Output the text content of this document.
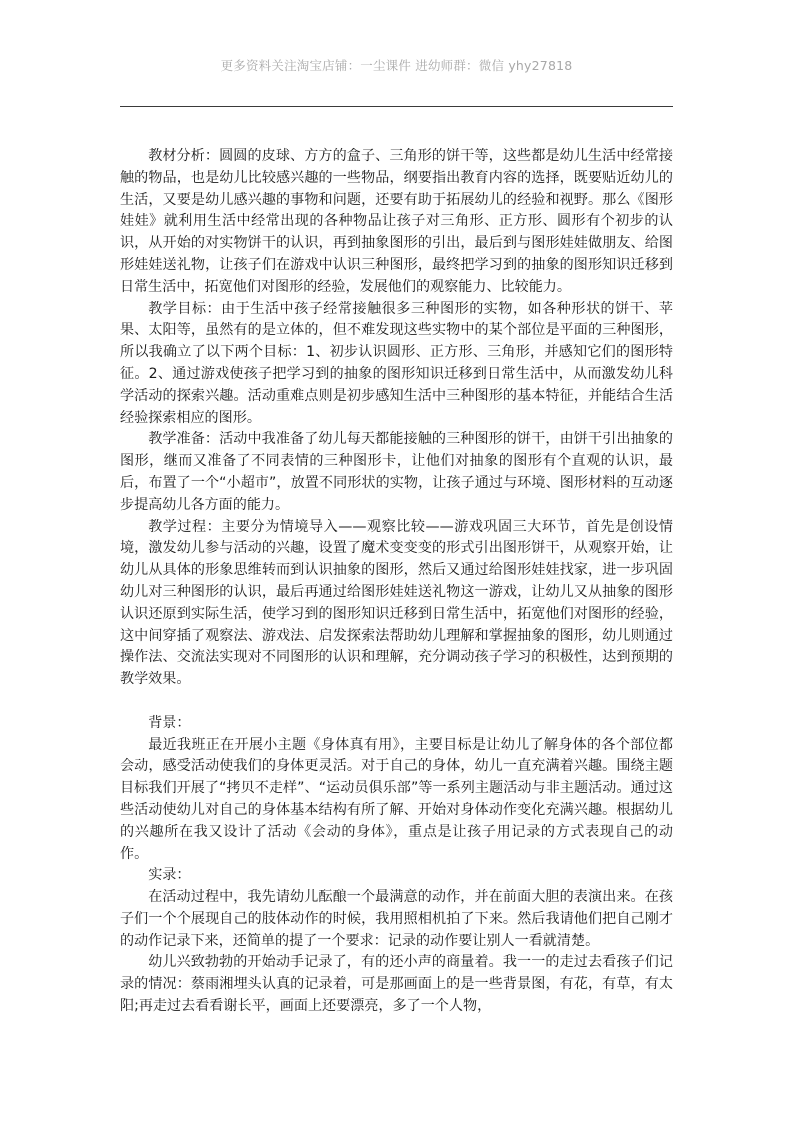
更多资料关注淘宝店铺：一尘课件 进幼师群：微信 yhy27818

教材分析：圆圆的皮球、方方的盒子、三角形的饼干等，这些都是幼儿生活中经常接触的物品，也是幼儿比较感兴趣的一些物品，纲要指出教育内容的选择，既要贴近幼儿的生活，又要是幼儿感兴趣的事物和问题，还要有助于拓展幼儿的经验和视野。那么《图形娃娃》就利用生活中经常出现的各种物品让孩子对三角形、正方形、圆形有个初步的认识，从开始的对实物饼干的认识，再到抽象图形的引出，最后到与图形娃娃做朋友、给图形娃娃送礼物，让孩子们在游戏中认识三种图形，最终把学习到的抽象的图形知识迁移到日常生活中，拓宽他们对图形的经验，发展他们的观察能力、比较能力。

教学目标：由于生活中孩子经常接触很多三种图形的实物，如各种形状的饼干、苹果、太阳等，虽然有的是立体的，但不难发现这些实物中的某个部位是平面的三种图形，所以我确立了以下两个目标：1、初步认识圆形、正方形、三角形，并感知它们的图形特征。2、通过游戏使孩子把学习到的抽象的图形知识迁移到日常生活中，从而激发幼儿科学活动的探索兴趣。活动重难点则是初步感知生活中三种图形的基本特征，并能结合生活经验探索相应的图形。

教学准备：活动中我准备了幼儿每天都能接触的三种图形的饼干，由饼干引出抽象的图形，继而又准备了不同表情的三种图形卡，让他们对抽象的图形有个直观的认识，最后，布置了一个“小超市”，放置不同形状的实物，让孩子通过与环境、图形材料的互动逐步提高幼儿各方面的能力。

教学过程：主要分为情境导入——观察比较——游戏巩固三大环节，首先是创设情境，激发幼儿参与活动的兴趣，设置了魔术变变变的形式引出图形饼干，从观察开始，让幼儿从具体的形象思维转而到认识抽象的图形，然后又通过给图形娃娃找家，进一步巩固幼儿对三种图形的认识，最后再通过给图形娃娃送礼物这一游戏，让幼儿又从抽象的图形认识还原到实际生活，使学习到的图形知识迁移到日常生活中，拓宽他们对图形的经验，这中间穿插了观察法、游戏法、启发探索法帮助幼儿理解和掌握抽象的图形，幼儿则通过操作法、交流法实现对不同图形的认识和理解，充分调动孩子学习的积极性，达到预期的教学效果。

背景：

最近我班正在开展小主题《身体真有用》，主要目标是让幼儿了解身体的各个部位都会动，感受活动使我们的身体更灵活。对于自己的身体，幼儿一直充满着兴趣。围绕主题目标我们开展了“拷贝不走样”、“运动员俱乐部”等一系列主题活动与非主题活动。通过这些活动使幼儿对自己的身体基本结构有所了解、开始对身体动作变化充满兴趣。根据幼儿的兴趣所在我又设计了活动《会动的身体》，重点是让孩子用记录的方式表现自己的动作。

实录：

在活动过程中，我先请幼儿酝酿一个最满意的动作，并在前面大胆的表演出来。在孩子们一个个展现自己的肢体动作的时候，我用照相机拍了下来。然后我请他们把自己刚才的动作记录下来，还简单的提了一个要求：记录的动作要让别人一看就清楚。

幼儿兴致勃勃的开始动手记录了，有的还小声的商量着。我一一的走过去看孩子们记录的情况：蔡雨湘埋头认真的记录着，可是那画面上的是一些背景图，有花，有草，有太阳;再走过去看看谢长平，画面上还要漂亮，多了一个人物，
